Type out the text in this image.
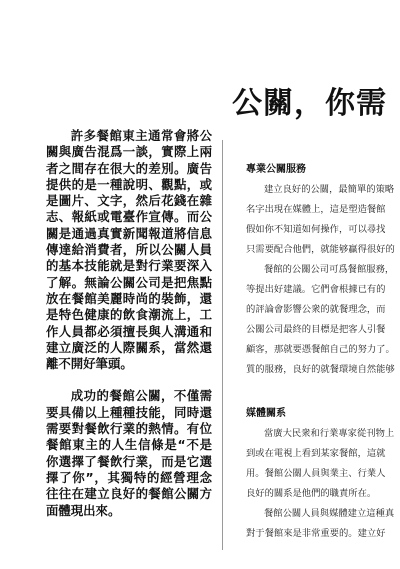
公關，你需

許多餐館東主通常會將公關與廣告混爲一談，實際上兩者之間存在很大的差別。廣告提供的是一種說明、觀點，或是圖片、文字，然后花錢在雜志、報紙或電臺作宣傳。而公關是通過真實新聞報道將信息傳達給消費者，所以公關人員的基本技能就是對行業要深入了解。無論公關公司是把焦點放在餐館美麗時尚的裝飾，還是特色健康的飲食潮流上，工作人員都必須擅長與人溝通和建立廣泛的人際關系，當然還離不開好筆頭。

成功的餐館公關，不僅需要具備以上種種技能，同時還需要對餐飲行業的熱情。有位餐館東主的人生信條是“不是你選擇了餐飲行業，而是它選擇了你”，其獨特的經營理念往往在建立良好的餐館公關方面體現出來。

專業公關服務
建立良好的公關，最簡單的策略
名字出現在媒體上，這是塑造餐館
假如你不知道如何操作，可以尋找
只需要配合他們，就能够贏得很好的
餐館的公關公司可爲餐館服務，
等提出好建議。它們會根據已有的
的評論會影響公衆的就餐理念，而
公關公司最終的目標是把客人引餐
顧客，那就要憑餐館自己的努力了。
質的服務，良好的就餐環境自然能够
媒體關系
當廣大民衆和行業專家從刊物上
到或在電視上看到某家餐館，這就
用。餐館公關人員與業主、行業人
良好的關系是他們的職責所在。
餐館公關人員與媒體建立這種真
對于餐館來是非常重要的。建立好
